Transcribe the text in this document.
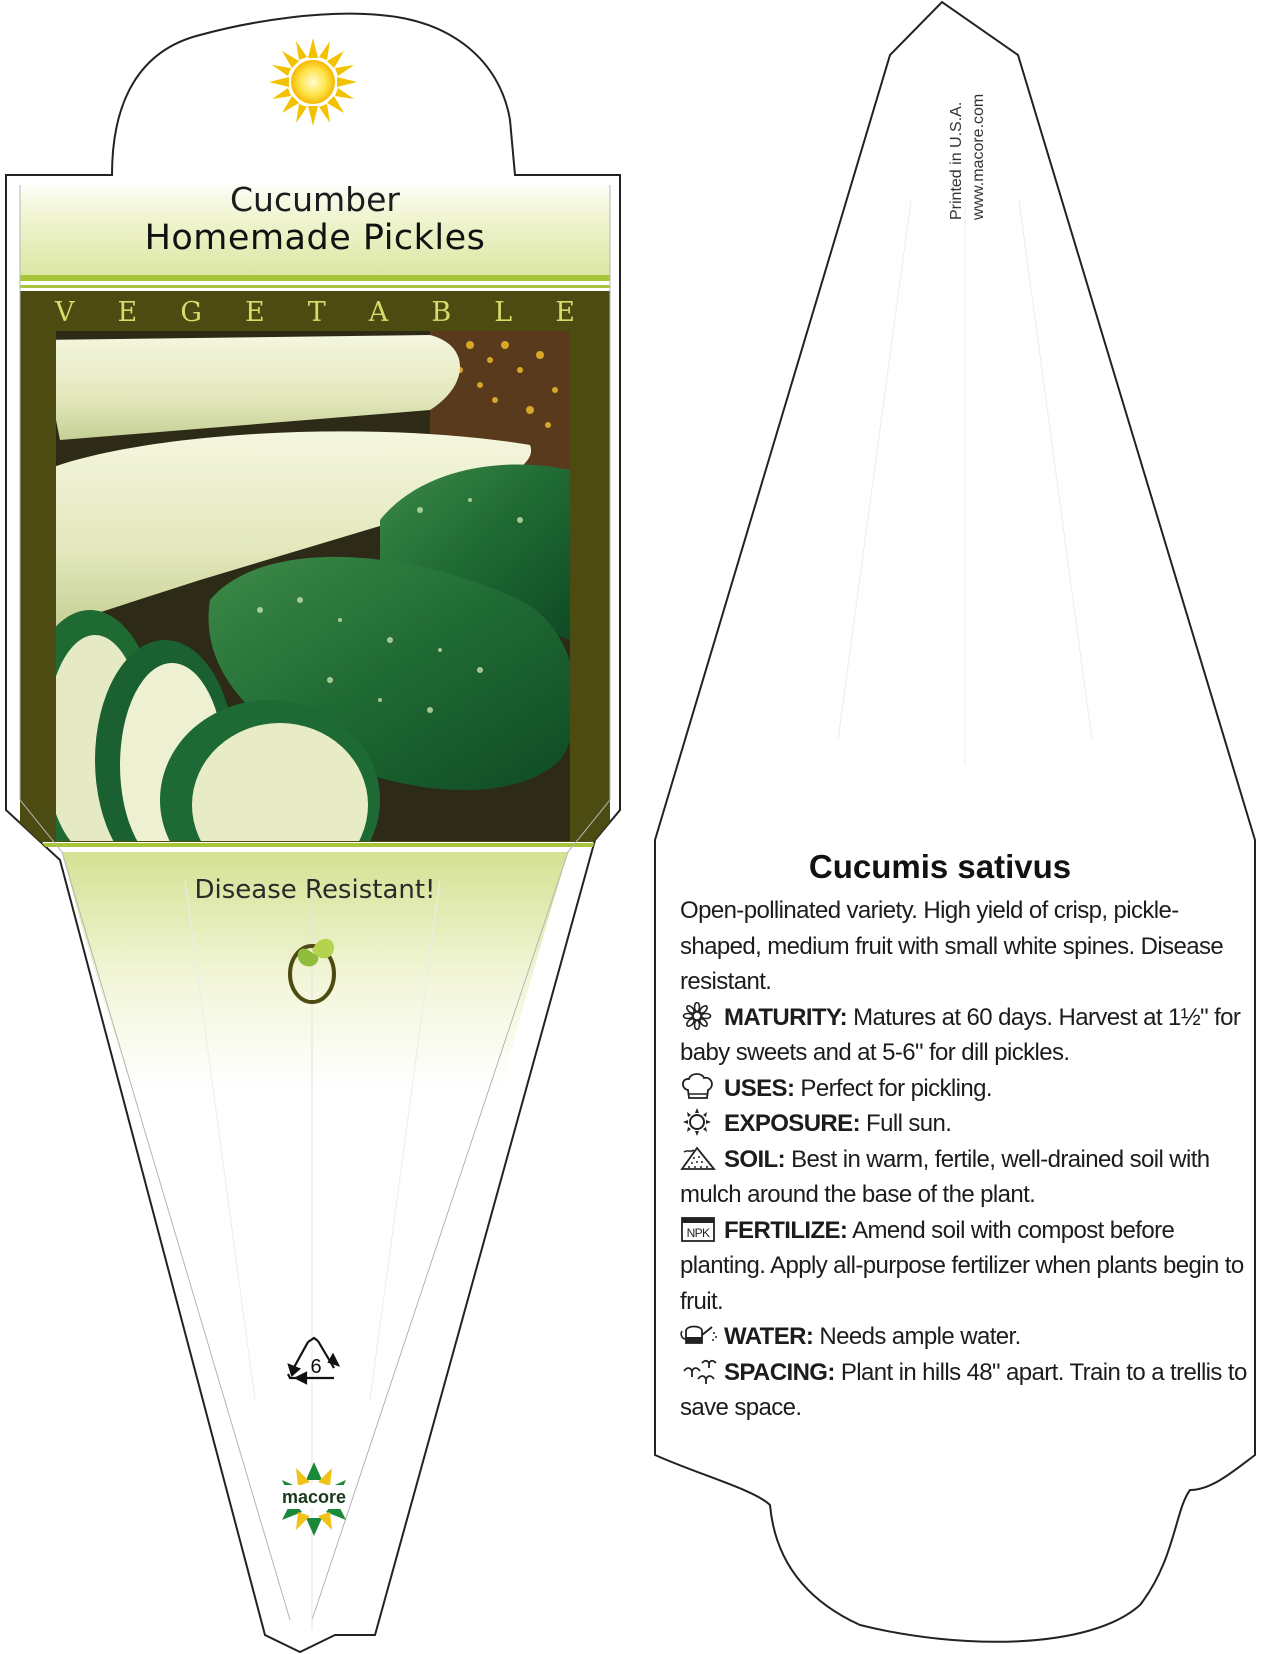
Cucumber
Homemade Pickles
V E G E T A B L E
Disease Resistant!
6
macore
Printed in U.S.A. www.macore.com
Cucumis sativus

Open-pollinated variety. High yield of crisp, pickle-shaped, medium fruit with small white spines. Disease resistant.

MATURITY: Matures at 60 days. Harvest at 1½" for baby sweets and at 5-6" for dill pickles.

USES: Perfect for pickling.

EXPOSURE: Full sun.

SOIL: Best in warm, fertile, well-drained soil with mulch around the base of the plant.

NPK FERTILIZE: Amend soil with compost before planting. Apply all-purpose fertilizer when plants begin to fruit.

WATER: Needs ample water.

SPACING: Plant in hills 48" apart. Train to a trellis to save space.
